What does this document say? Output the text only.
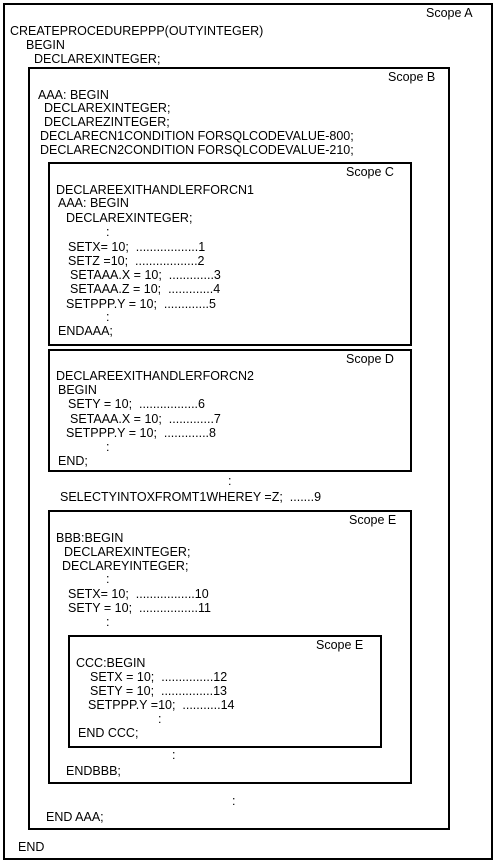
Scope A
CREATEPROCEDUREPPP(OUTYINTEGER)
BEGIN
DECLAREXINTEGER;
END
Scope B
AAA: BEGIN
DECLAREXINTEGER;
DECLAREZINTEGER;
DECLARECN1CONDITION FORSQLCODEVALUE-800;
DECLARECN2CONDITION FORSQLCODEVALUE-210;
Scope C
DECLAREEXITHANDLERFORCN1
AAA: BEGIN
DECLAREXINTEGER;
:
SETX= 10;  ..................1
SETZ =10;  ..................2
SETAAA.X = 10;  .............3
SETAAA.Z = 10;  .............4
SETPPP.Y = 10;  .............5
:
ENDAAA;
Scope D
DECLAREEXITHANDLERFORCN2
BEGIN
SETY = 10;  .................6
SETAAA.X = 10;  .............7
SETPPP.Y = 10;  .............8
:
END;
:
SELECTYINTOXFROMT1WHEREY =Z;  .......9
Scope E
BBB:BEGIN
DECLAREXINTEGER;
DECLAREYINTEGER;
:
SETX= 10;  .................10
SETY = 10;  .................11
:
Scope E
CCC:BEGIN
SETX = 10;  ...............12
SETY = 10;  ...............13
SETPPP.Y =10;  ...........14
:
END CCC;
:
ENDBBB;
:
END AAA;
